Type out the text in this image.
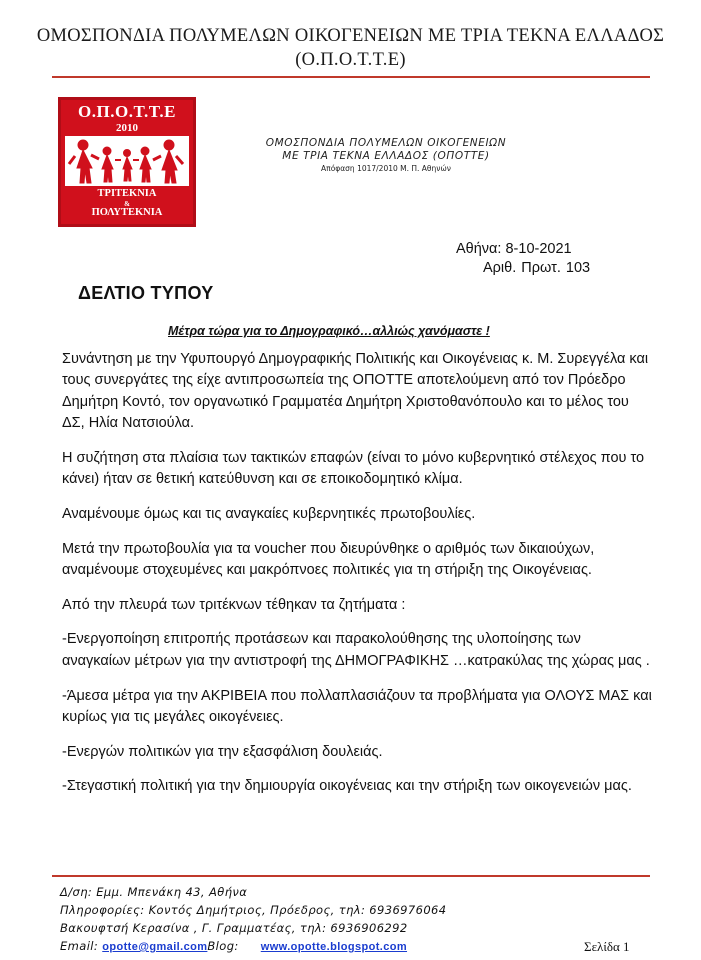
ΟΜΟΣΠΟΝΔΙΑ ΠΟΛΥΜΕΛΩΝ ΟΙΚΟΓΕΝΕΙΩΝ ΜΕ ΤΡΙΑ ΤΕΚΝΑ ΕΛΛΑΔΟΣ
(Ο.Π.Ο.Τ.Τ.Ε)
Ο.Π.Ο.Τ.Τ.Ε
2010
ΤΡΙΤΕΚΝΙΑ
&
ΠΟΛΥΤΕΚΝΙΑ
ΟΜΟΣΠΟΝΔΙΑ ΠΟΛΥΜΕΛΩΝ ΟΙΚΟΓΕΝΕΙΩΝ
ΜΕ ΤΡΙΑ ΤΕΚΝΑ ΕΛΛΑΔΟΣ (ΟΠΟΤΤΕ)
Απόφαση 1017/2010 Μ. Π. Αθηνών
Αθήνα: 8-10-2021
Αριθ. Πρωτ. 103
ΔΕΛΤΙΟ ΤΥΠΟΥ
Μέτρα τώρα για το Δημογραφικό…αλλιώς χανόμαστε !

Συνάντηση με την Υφυπουργό Δημογραφικής Πολιτικής και Οικογένειας κ. Μ. Συρεγγέλα και τους συνεργάτες της είχε αντιπροσωπεία της ΟΠΟΤΤΕ αποτελούμενη από τον Πρόεδρο Δημήτρη Κοντό, τον οργανωτικό Γραμματέα Δημήτρη Χριστοθανόπουλο και το μέλος του ΔΣ, Ηλία Νατσιούλα.

Η συζήτηση στα πλαίσια των τακτικών επαφών (είναι το μόνο κυβερνητικό στέλεχος που το κάνει) ήταν σε θετική κατεύθυνση και σε εποικοδομητικό κλίμα.

Αναμένουμε όμως και τις αναγκαίες κυβερνητικές πρωτοβουλίες.

Μετά την πρωτοβουλία για τα voucher που διευρύνθηκε ο αριθμός των δικαιούχων, αναμένουμε στοχευμένες και μακρόπνοες πολιτικές για τη στήριξη της Οικογένειας.

Από την πλευρά των τριτέκνων τέθηκαν τα ζητήματα :

-Ενεργοποίηση επιτροπής προτάσεων και παρακολούθησης της υλοποίησης των αναγκαίων μέτρων για την αντιστροφή της ΔΗΜΟΓΡΑΦΙΚΗΣ …κατρακύλας της χώρας μας .

-Άμεσα μέτρα για την ΑΚΡΙΒΕΙΑ που πολλαπλασιάζουν τα προβλήματα για ΟΛΟΥΣ ΜΑΣ και κυρίως για τις μεγάλες οικογένειες.

-Ενεργών πολιτικών για την εξασφάλιση δουλειάς.

-Στεγαστική πολιτική για την δημιουργία οικογένειας και την στήριξη των οικογενειών μας.

Δ/ση: Εμμ. Μπενάκη 43, Αθήνα
Πληροφορίες: Κοντός Δημήτριος, Πρόεδρος, τηλ: 6936976064
Βακουφτσή Κερασίνα , Γ. Γραμματέας, τηλ: 6936906292
Email: opotte@gmail.comBlog: www.opotte.blogspot.com	Σελίδα 1
